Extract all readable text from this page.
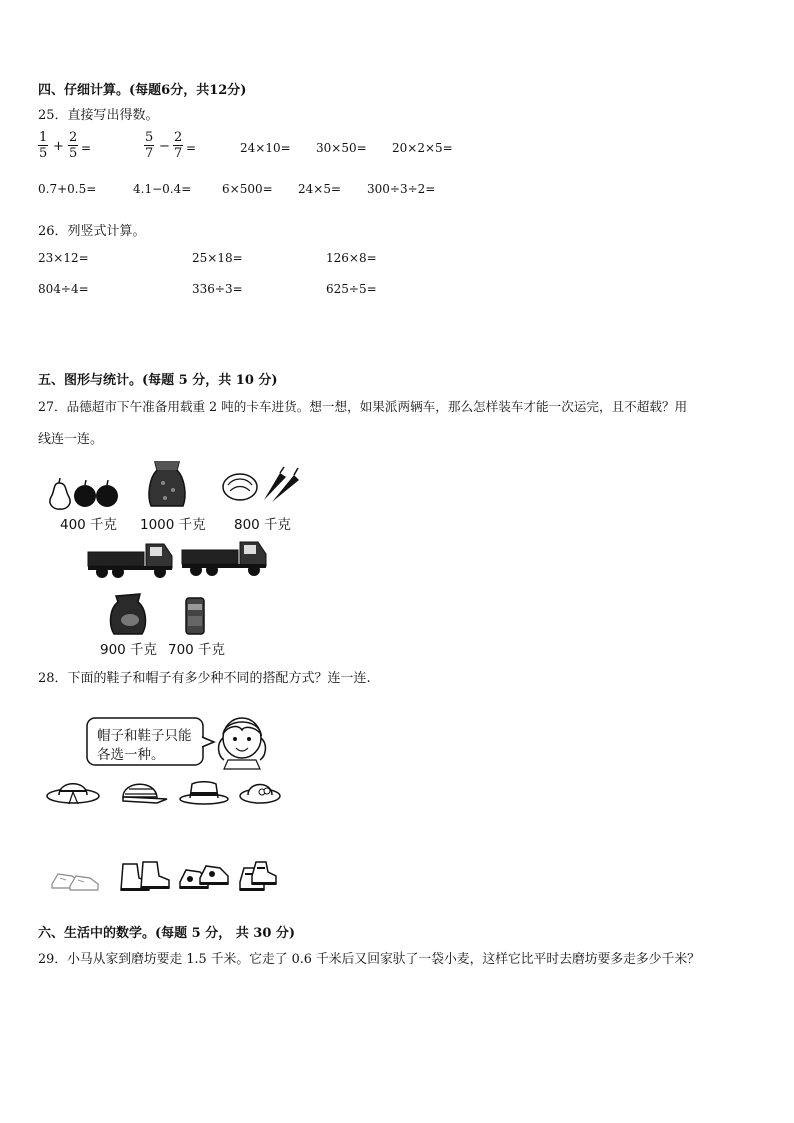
四、仔细计算。(每题6分，共12分)
25．直接写出得数。
$\frac{1}{5} + \frac{2}{5}$ =	$\frac{5}{7} - \frac{2}{7}$ =	24×10= 30×50= 20×2×5=
0.7+0.5=	4.1−0.4=	6×500= 24×5= 300÷3÷2=
26．列竖式计算。
23×12=	25×18=	126×8=
804÷4=	336÷3=	625÷5=
五、图形与统计。(每题 5 分，共 10 分)
27．品德超市下午准备用载重 2 吨的卡车进货。想一想，如果派两辆车，那么怎样装车才能一次运完，且不超载？用
线连一连。
400 千克 1000 千克 800 千克
900 千克 700 千克
28．下面的鞋子和帽子有多少种不同的搭配方式？连一连.
帽子和鞋子只能
各选一种。
六、生活中的数学。(每题 5 分， 共 30 分)
29．小马从家到磨坊要走 1.5 千米。它走了 0.6 千米后又回家驮了一袋小麦，这样它比平时去磨坊要多走多少千米？
